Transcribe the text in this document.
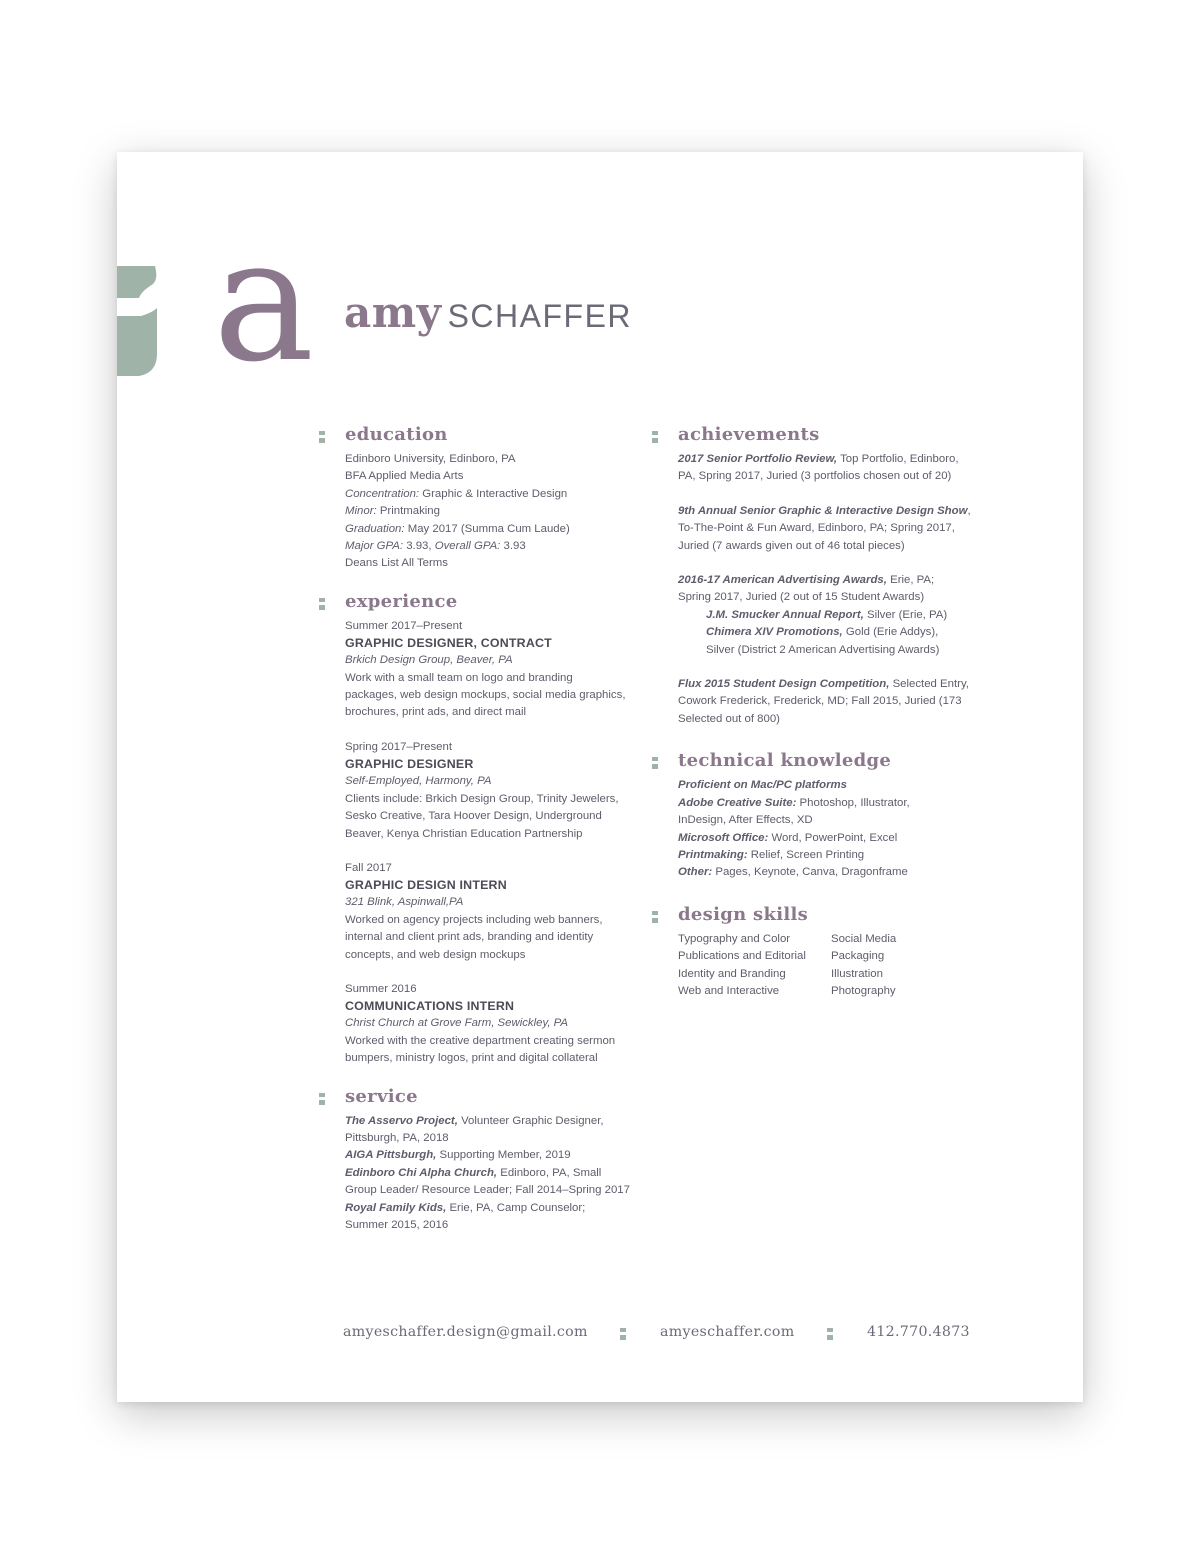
a amy SCHAFFER
education
Edinboro University, Edinboro, PA
BFA Applied Media Arts
Concentration: Graphic & Interactive Design
Minor: Printmaking
Graduation: May 2017 (Summa Cum Laude)
Major GPA: 3.93, Overall GPA: 3.93
Deans List All Terms
experience
Summer 2017–Present
GRAPHIC DESIGNER, CONTRACT
Brkich Design Group, Beaver, PA
Work with a small team on logo and branding
packages, web design mockups, social media graphics,
brochures, print ads, and direct mail
Spring 2017–Present
GRAPHIC DESIGNER
Self-Employed, Harmony, PA
Clients include: Brkich Design Group, Trinity Jewelers,
Sesko Creative, Tara Hoover Design, Underground
Beaver, Kenya Christian Education Partnership
Fall 2017
GRAPHIC DESIGN INTERN
321 Blink, Aspinwall,PA
Worked on agency projects including web banners,
internal and client print ads, branding and identity
concepts, and web design mockups
Summer 2016
COMMUNICATIONS INTERN
Christ Church at Grove Farm, Sewickley, PA
Worked with the creative department creating sermon
bumpers, ministry logos, print and digital collateral
service
The Asservo Project, Volunteer Graphic Designer,
Pittsburgh, PA, 2018
AIGA Pittsburgh, Supporting Member, 2019
Edinboro Chi Alpha Church, Edinboro, PA, Small
Group Leader/ Resource Leader; Fall 2014–Spring 2017
Royal Family Kids, Erie, PA, Camp Counselor;
Summer 2015, 2016
achievements
2017 Senior Portfolio Review, Top Portfolio, Edinboro,
PA, Spring 2017, Juried (3 portfolios chosen out of 20)
9th Annual Senior Graphic & Interactive Design Show,
To-The-Point & Fun Award, Edinboro, PA; Spring 2017,
Juried (7 awards given out of 46 total pieces)
2016-17 American Advertising Awards, Erie, PA;
Spring 2017, Juried (2 out of 15 Student Awards)
J.M. Smucker Annual Report, Silver (Erie, PA)
Chimera XIV Promotions, Gold (Erie Addys),
Silver (District 2 American Advertising Awards)
Flux 2015 Student Design Competition, Selected Entry,
Cowork Frederick, Frederick, MD; Fall 2015, Juried (173
Selected out of 800)
technical knowledge
Proficient on Mac/PC platforms
Adobe Creative Suite: Photoshop, Illustrator,
InDesign, After Effects, XD
Microsoft Office: Word, PowerPoint, Excel
Printmaking: Relief, Screen Printing
Other: Pages, Keynote, Canva, Dragonframe
design skills
Typography and Color
Publications and Editorial
Identity and Branding
Web and Interactive
Social Media
Packaging
Illustration
Photography
amyeschaffer.design@gmail.com	amyeschaffer.com	412.770.4873
